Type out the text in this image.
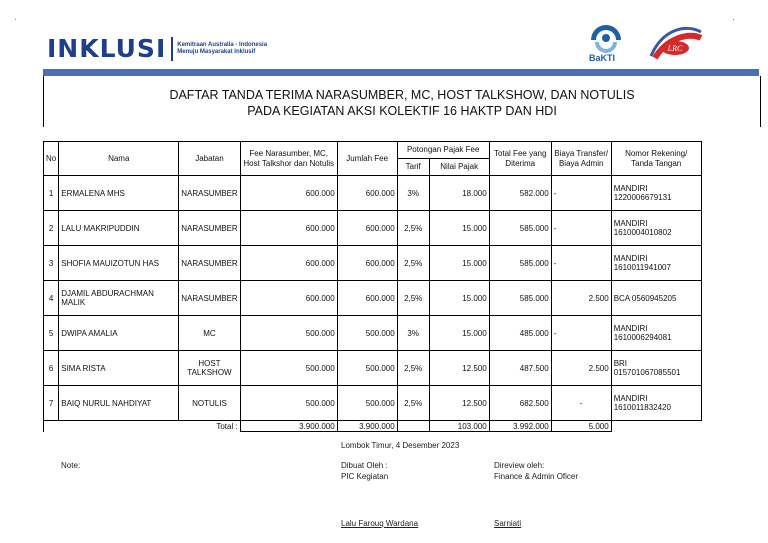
·	·
INKLUSI Kemitraan Australia - Indonesia
Menuju Masyarakat Inklusif
BaKTI
LRC
DAFTAR TANDA TERIMA NARASUMBER, MC, HOST TALKSHOW, DAN NOTULIS
PADA KEGIATAN AKSI KOLEKTIF 16 HAKTP DAN HDI
No	Nama	Jabatan	Fee Narasumber, MC, Host Talkshor dan Notulis	Jumlah Fee	Potongan Pajak Fee		Total Fee yang Diterima	Biaya Transfer/ Biaya Admin	Nomor Rekening/ Tanda Tangan
					Tarif	Nilai Pajak			
1	ERMALENA MHS	NARASUMBER	600.000	600.000	3%	18.000	582.000	-	MANDIRI
1220006679131
2	LALU MAKRIPUDDIN	NARASUMBER	600.000	600.000	2,5%	15.000	585.000	-	MANDIRI
1610004010802
3	SHOFIA MAUIZOTUN HAS	NARASUMBER	600.000	600.000	2,5%	15.000	585.000	-	MANDIRI
1610011941007
4	DJAMIL ABDURACHMAN MALIK	NARASUMBER	600.000	600.000	2,5%	15.000	585.000	2.500	BCA 0560945205
5	DWIPA AMALIA	MC	500.000	500.000	3%	15.000	485.000	-	MANDIRI
1610006294081
6	SIMA RISTA	HOST TALKSHOW	500.000	500.000	2,5%	12.500	487.500	2.500	BRI
015701067085501
7	BAIQ NURUL NAHDIYAT	NOTULIS	500.000	500.000	2,5%	12.500	682.500	-	MANDIRI
1610011832420
Total :			3.900.000	3.900.000		103.000	3.992.000	5.000	
Lombok Timur, 4 Desember 2023
Note:	Dibuat Oleh :
PIC Kegiatan
Lalu Farouq Wardana
Direview oleh:
Finance & Admin Oficer
Sarniati
